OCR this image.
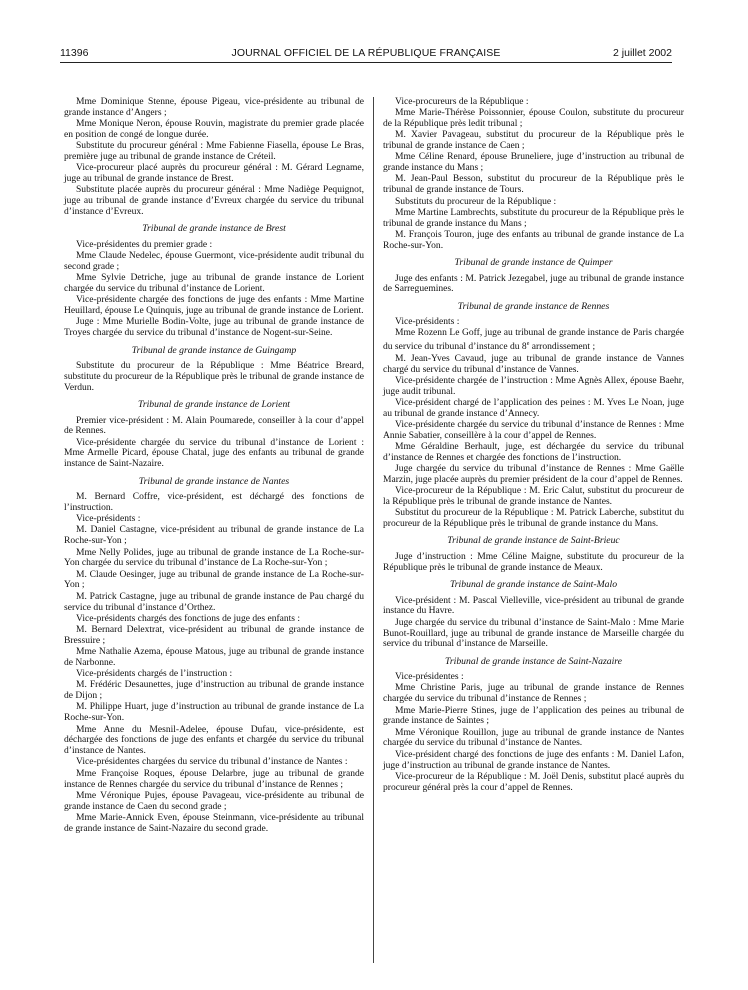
11396	JOURNAL OFFICIEL DE LA RÉPUBLIQUE FRANÇAISE	2 juillet 2002

Mme Dominique Stenne, épouse Pigeau, vice-présidente au tribunal de grande instance d’Angers ;

Mme Monique Neron, épouse Rouvin, magistrate du premier grade placée en position de congé de longue durée.

Substitute du procureur général : Mme Fabienne Fiasella, épouse Le Bras, première juge au tribunal de grande instance de Créteil.

Vice-procureur placé auprès du procureur général : M. Gérard Legname, juge au tribunal de grande instance de Brest.

Substitute placée auprès du procureur général : Mme Nadiège Pequignot, juge au tribunal de grande instance d’Evreux chargée du service du tribunal d’instance d’Evreux.

Tribunal de grande instance de Brest

Vice-présidentes du premier grade :

Mme Claude Nedelec, épouse Guermont, vice-présidente audit tribunal du second grade ;

Mme Sylvie Detriche, juge au tribunal de grande instance de Lorient chargée du service du tribunal d’instance de Lorient.

Vice-présidente chargée des fonctions de juge des enfants : Mme Martine Heuillard, épouse Le Quinquis, juge au tribunal de grande instance de Lorient.

Juge : Mme Murielle Bodin-Volte, juge au tribunal de grande instance de Troyes chargée du service du tribunal d’instance de Nogent-sur-Seine.

Tribunal de grande instance de Guingamp

Substitute du procureur de la République : Mme Béatrice Breard, substitute du procureur de la République près le tribunal de grande instance de Verdun.

Tribunal de grande instance de Lorient

Premier vice-président : M. Alain Poumarede, conseiller à la cour d’appel de Rennes.

Vice-présidente chargée du service du tribunal d’instance de Lorient : Mme Armelle Picard, épouse Chatal, juge des enfants au tribunal de grande instance de Saint-Nazaire.

Tribunal de grande instance de Nantes

M. Bernard Coffre, vice-président, est déchargé des fonctions de l’instruction.

Vice-présidents :

M. Daniel Castagne, vice-président au tribunal de grande instance de La Roche-sur-Yon ;

Mme Nelly Polides, juge au tribunal de grande instance de La Roche-sur-Yon chargée du service du tribunal d’instance de La Roche-sur-Yon ;

M. Claude Oesinger, juge au tribunal de grande instance de La Roche-sur-Yon ;

M. Patrick Castagne, juge au tribunal de grande instance de Pau chargé du service du tribunal d’instance d’Orthez.

Vice-présidents chargés des fonctions de juge des enfants :

M. Bernard Delextrat, vice-président au tribunal de grande instance de Bressuire ;

Mme Nathalie Azema, épouse Matous, juge au tribunal de grande instance de Narbonne.

Vice-présidents chargés de l’instruction :

M. Frédéric Desaunettes, juge d’instruction au tribunal de grande instance de Dijon ;

M. Philippe Huart, juge d’instruction au tribunal de grande instance de La Roche-sur-Yon.

Mme Anne du Mesnil-Adelee, épouse Dufau, vice-présidente, est déchargée des fonctions de juge des enfants et chargée du service du tribunal d’instance de Nantes.

Vice-présidentes chargées du service du tribunal d’instance de Nantes :

Mme Françoise Roques, épouse Delarbre, juge au tribunal de grande instance de Rennes chargée du service du tribunal d’instance de Rennes ;

Mme Véronique Pujes, épouse Pavageau, vice-présidente au tribunal de grande instance de Caen du second grade ;

Mme Marie-Annick Even, épouse Steinmann, vice-présidente au tribunal de grande instance de Saint-Nazaire du second grade.

Vice-procureurs de la République :

Mme Marie-Thérèse Poissonnier, épouse Coulon, substitute du procureur de la République près ledit tribunal ;

M. Xavier Pavageau, substitut du procureur de la République près le tribunal de grande instance de Caen ;

Mme Céline Renard, épouse Bruneliere, juge d’instruction au tribunal de grande instance du Mans ;

M. Jean-Paul Besson, substitut du procureur de la République près le tribunal de grande instance de Tours.

Substituts du procureur de la République :

Mme Martine Lambrechts, substitute du procureur de la République près le tribunal de grande instance du Mans ;

M. François Touron, juge des enfants au tribunal de grande instance de La Roche-sur-Yon.

Tribunal de grande instance de Quimper

Juge des enfants : M. Patrick Jezegabel, juge au tribunal de grande instance de Sarreguemines.

Tribunal de grande instance de Rennes

Vice-présidents :

Mme Rozenn Le Goff, juge au tribunal de grande instance de Paris chargée du service du tribunal d’instance du 8e arrondissement ;

M. Jean-Yves Cavaud, juge au tribunal de grande instance de Vannes chargé du service du tribunal d’instance de Vannes.

Vice-présidente chargée de l’instruction : Mme Agnès Allex, épouse Baehr, juge audit tribunal.

Vice-président chargé de l’application des peines : M. Yves Le Noan, juge au tribunal de grande instance d’Annecy.

Vice-présidente chargée du service du tribunal d’instance de Rennes : Mme Annie Sabatier, conseillère à la cour d’appel de Rennes.

Mme Géraldine Berhault, juge, est déchargée du service du tribunal d’instance de Rennes et chargée des fonctions de l’instruction.

Juge chargée du service du tribunal d’instance de Rennes : Mme Gaëlle Marzin, juge placée auprès du premier président de la cour d’appel de Rennes.

Vice-procureur de la République : M. Eric Calut, substitut du procureur de la République près le tribunal de grande instance de Nantes.

Substitut du procureur de la République : M. Patrick Laberche, substitut du procureur de la République près le tribunal de grande instance du Mans.

Tribunal de grande instance de Saint-Brieuc

Juge d’instruction : Mme Céline Maigne, substitute du procureur de la République près le tribunal de grande instance de Meaux.

Tribunal de grande instance de Saint-Malo

Vice-président : M. Pascal Vielleville, vice-président au tribunal de grande instance du Havre.

Juge chargée du service du tribunal d’instance de Saint-Malo : Mme Marie Bunot-Rouillard, juge au tribunal de grande instance de Marseille chargée du service du tribunal d’instance de Marseille.

Tribunal de grande instance de Saint-Nazaire

Vice-présidentes :

Mme Christine Paris, juge au tribunal de grande instance de Rennes chargée du service du tribunal d’instance de Rennes ;

Mme Marie-Pierre Stines, juge de l’application des peines au tribunal de grande instance de Saintes ;

Mme Véronique Rouillon, juge au tribunal de grande instance de Nantes chargée du service du tribunal d’instance de Nantes.

Vice-président chargé des fonctions de juge des enfants : M. Daniel Lafon, juge d’instruction au tribunal de grande instance de Nantes.

Vice-procureur de la République : M. Joël Denis, substitut placé auprès du procureur général près la cour d’appel de Rennes.
